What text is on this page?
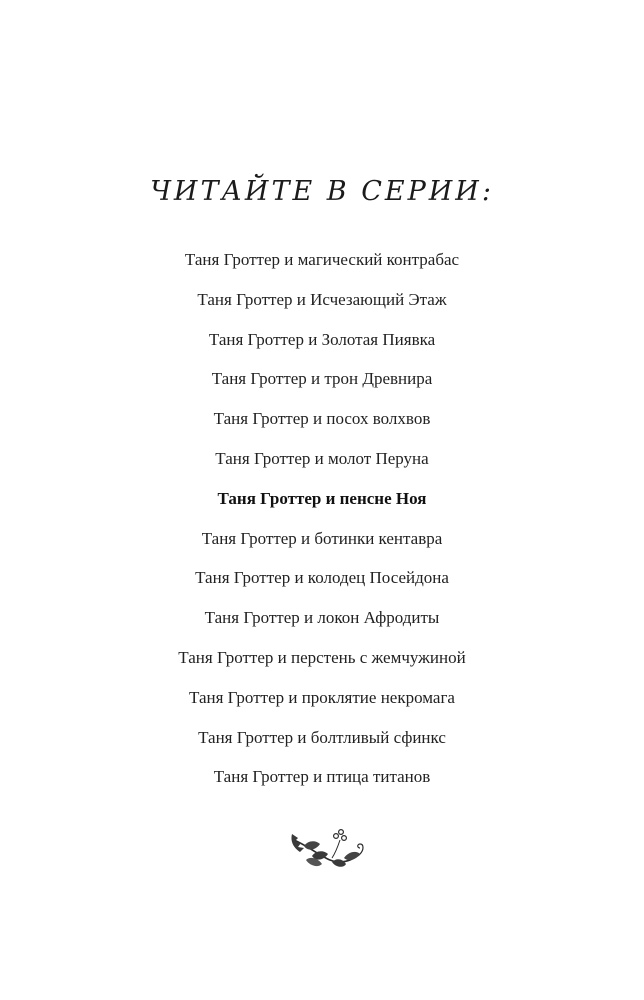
ЧИТАЙТЕ В СЕРИИ:
Таня Гроттер и магический контрабас
Таня Гроттер и Исчезающий Этаж
Таня Гроттер и Золотая Пиявка
Таня Гроттер и трон Древнира
Таня Гроттер и посох волхвов
Таня Гроттер и молот Перуна
Таня Гроттер и пенсне Ноя
Таня Гроттер и ботинки кентавра
Таня Гроттер и колодец Посейдона
Таня Гроттер и локон Афродиты
Таня Гроттер и перстень с жемчужиной
Таня Гроттер и проклятие некромага
Таня Гроттер и болтливый сфинкс
Таня Гроттер и птица титанов
